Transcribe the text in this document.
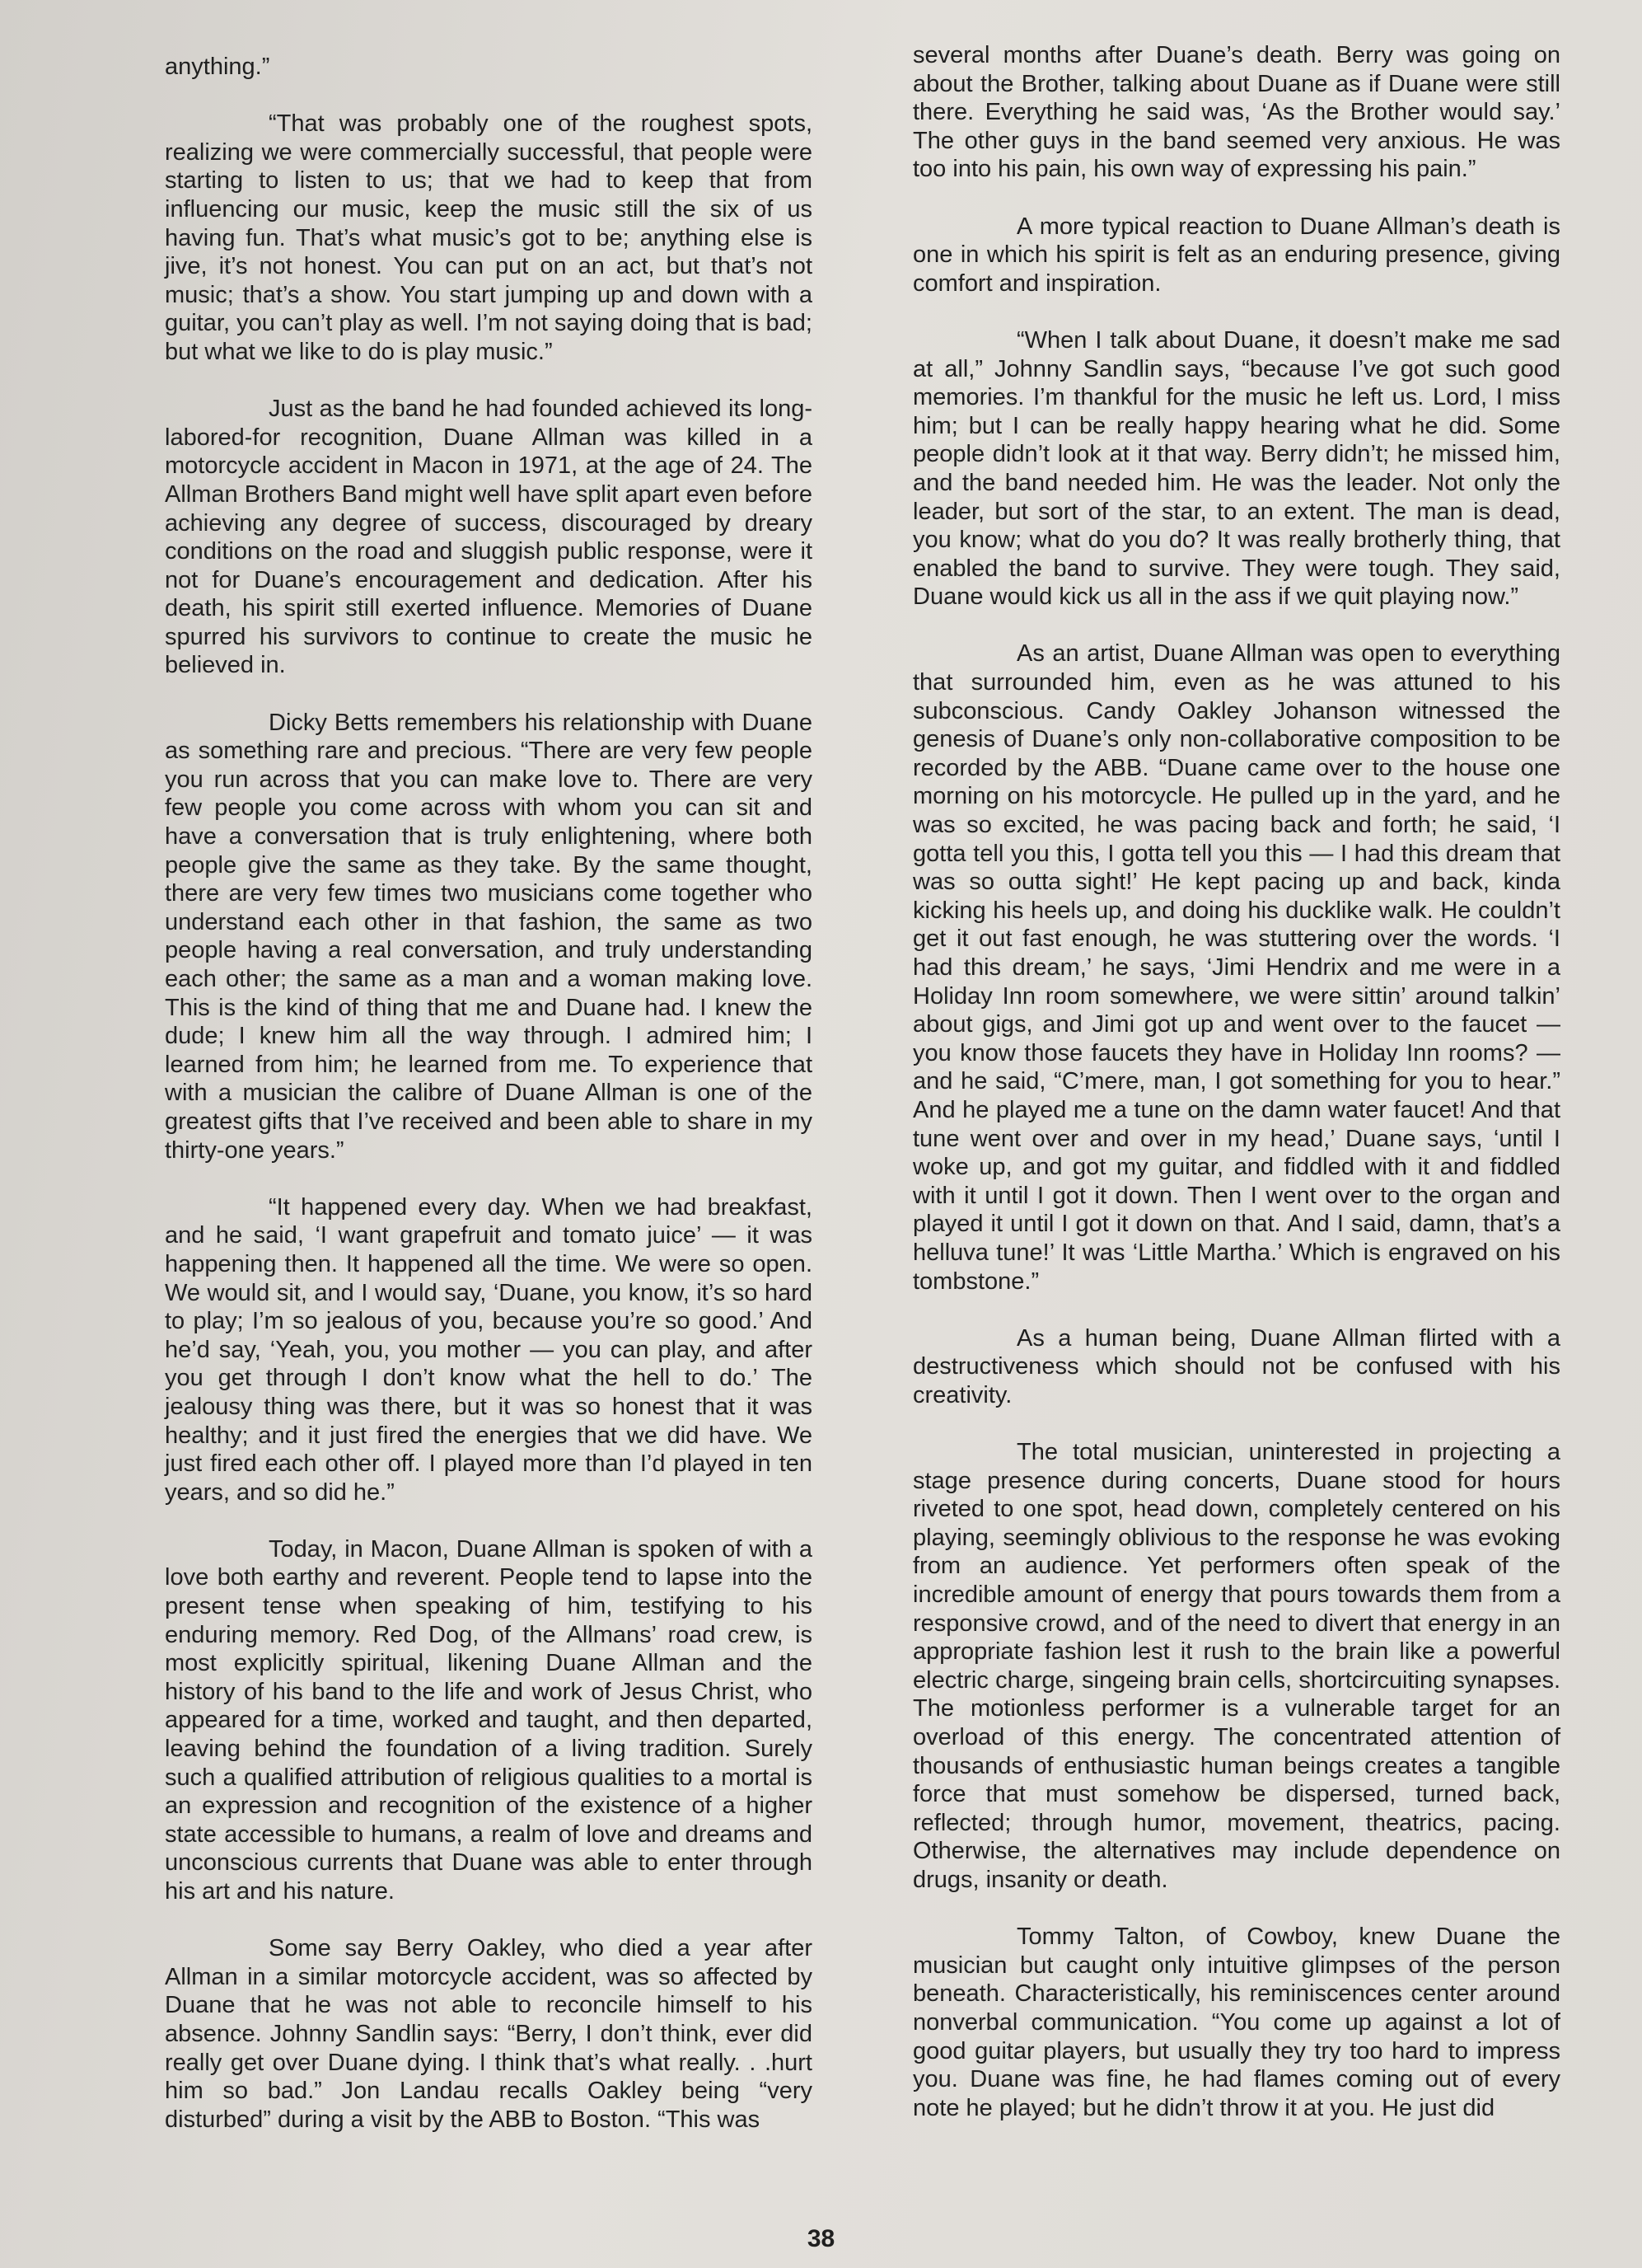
anything.”

“That was probably one of the roughest spots, realizing we were commercially successful, that people were starting to listen to us; that we had to keep that from influencing our music, keep the music still the six of us having fun. That’s what music’s got to be; anything else is jive, it’s not honest. You can put on an act, but that’s not music; that’s a show. You start jumping up and down with a guitar, you can’t play as well. I’m not saying doing that is bad; but what we like to do is play music.”

Just as the band he had founded achieved its long-labored-for recognition, Duane Allman was killed in a motorcycle accident in Macon in 1971, at the age of 24. The Allman Brothers Band might well have split apart even before achieving any degree of success, discouraged by dreary conditions on the road and sluggish public response, were it not for Duane’s encouragement and dedication. After his death, his spirit still exerted influence. Memories of Duane spurred his survivors to continue to create the music he believed in.

Dicky Betts remembers his relationship with Duane as something rare and precious. “There are very few people you run across that you can make love to. There are very few people you come across with whom you can sit and have a conversation that is truly enlightening, where both people give the same as they take. By the same thought, there are very few times two musicians come together who understand each other in that fashion, the same as two people having a real conversation, and truly understanding each other; the same as a man and a woman making love. This is the kind of thing that me and Duane had. I knew the dude; I knew him all the way through. I admired him; I learned from him; he learned from me. To experience that with a musician the calibre of Duane Allman is one of the greatest gifts that I’ve received and been able to share in my thirty-one years.”

“It happened every day. When we had breakfast, and he said, ‘I want grapefruit and tomato juice’ — it was happening then. It happened all the time. We were so open. We would sit, and I would say, ‘Duane, you know, it’s so hard to play; I’m so jealous of you, because you’re so good.’ And he’d say, ‘Yeah, you, you mother — you can play, and after you get through I don’t know what the hell to do.’ The jealousy thing was there, but it was so honest that it was healthy; and it just fired the energies that we did have. We just fired each other off. I played more than I’d played in ten years, and so did he.”

Today, in Macon, Duane Allman is spoken of with a love both earthy and reverent. People tend to lapse into the present tense when speaking of him, testifying to his enduring memory. Red Dog, of the Allmans’ road crew, is most explicitly spiritual, likening Duane Allman and the history of his band to the life and work of Jesus Christ, who appeared for a time, worked and taught, and then departed, leaving behind the foundation of a living tradition. Surely such a qualified attribution of religious qualities to a mortal is an expression and recognition of the existence of a higher state accessible to humans, a realm of love and dreams and unconscious currents that Duane was able to enter through his art and his nature.

Some say Berry Oakley, who died a year after Allman in a similar motorcycle accident, was so affected by Duane that he was not able to reconcile himself to his absence. Johnny Sandlin says: “Berry, I don’t think, ever did really get over Duane dying. I think that’s what really. . .hurt him so bad.” Jon Landau recalls Oakley being “very disturbed” during a visit by the ABB to Boston. “This was

several months after Duane’s death. Berry was going on about the Brother, talking about Duane as if Duane were still there. Everything he said was, ‘As the Brother would say.’ The other guys in the band seemed very anxious. He was too into his pain, his own way of expressing his pain.”

A more typical reaction to Duane Allman’s death is one in which his spirit is felt as an enduring presence, giving comfort and inspiration.

“When I talk about Duane, it doesn’t make me sad at all,” Johnny Sandlin says, “because I’ve got such good memories. I’m thankful for the music he left us. Lord, I miss him; but I can be really happy hearing what he did. Some people didn’t look at it that way. Berry didn’t; he missed him, and the band needed him. He was the leader. Not only the leader, but sort of the star, to an extent. The man is dead, you know; what do you do? It was really brotherly thing, that enabled the band to survive. They were tough. They said, Duane would kick us all in the ass if we quit playing now.”

As an artist, Duane Allman was open to everything that surrounded him, even as he was attuned to his subconscious. Candy Oakley Johanson witnessed the genesis of Duane’s only non-collaborative composition to be recorded by the ABB. “Duane came over to the house one morning on his motorcycle. He pulled up in the yard, and he was so excited, he was pacing back and forth; he said, ‘I gotta tell you this, I gotta tell you this — I had this dream that was so outta sight!’ He kept pacing up and back, kinda kicking his heels up, and doing his ducklike walk. He couldn’t get it out fast enough, he was stuttering over the words. ‘I had this dream,’ he says, ‘Jimi Hendrix and me were in a Holiday Inn room somewhere, we were sittin’ around talkin’ about gigs, and Jimi got up and went over to the faucet — you know those faucets they have in Holiday Inn rooms? — and he said, “C’mere, man, I got something for you to hear.” And he played me a tune on the damn water faucet! And that tune went over and over in my head,’ Duane says, ‘until I woke up, and got my guitar, and fiddled with it and fiddled with it until I got it down. Then I went over to the organ and played it until I got it down on that. And I said, damn, that’s a helluva tune!’ It was ‘Little Martha.’ Which is engraved on his tombstone.”

As a human being, Duane Allman flirted with a destructiveness which should not be confused with his creativity.

The total musician, uninterested in projecting a stage presence during concerts, Duane stood for hours riveted to one spot, head down, completely centered on his playing, seemingly oblivious to the response he was evoking from an audience. Yet performers often speak of the incredible amount of energy that pours towards them from a responsive crowd, and of the need to divert that energy in an appropriate fashion lest it rush to the brain like a powerful electric charge, singeing brain cells, shortcircuiting synapses. The motionless performer is a vulnerable target for an overload of this energy. The concentrated attention of thousands of enthusiastic human beings creates a tangible force that must somehow be dispersed, turned back, reflected; through humor, movement, theatrics, pacing. Otherwise, the alternatives may include dependence on drugs, insanity or death.

Tommy Talton, of Cowboy, knew Duane the musician but caught only intuitive glimpses of the person beneath. Characteristically, his reminiscences center around nonverbal communication. “You come up against a lot of good guitar players, but usually they try too hard to impress you. Duane was fine, he had flames coming out of every note he played; but he didn’t throw it at you. He just did

38
